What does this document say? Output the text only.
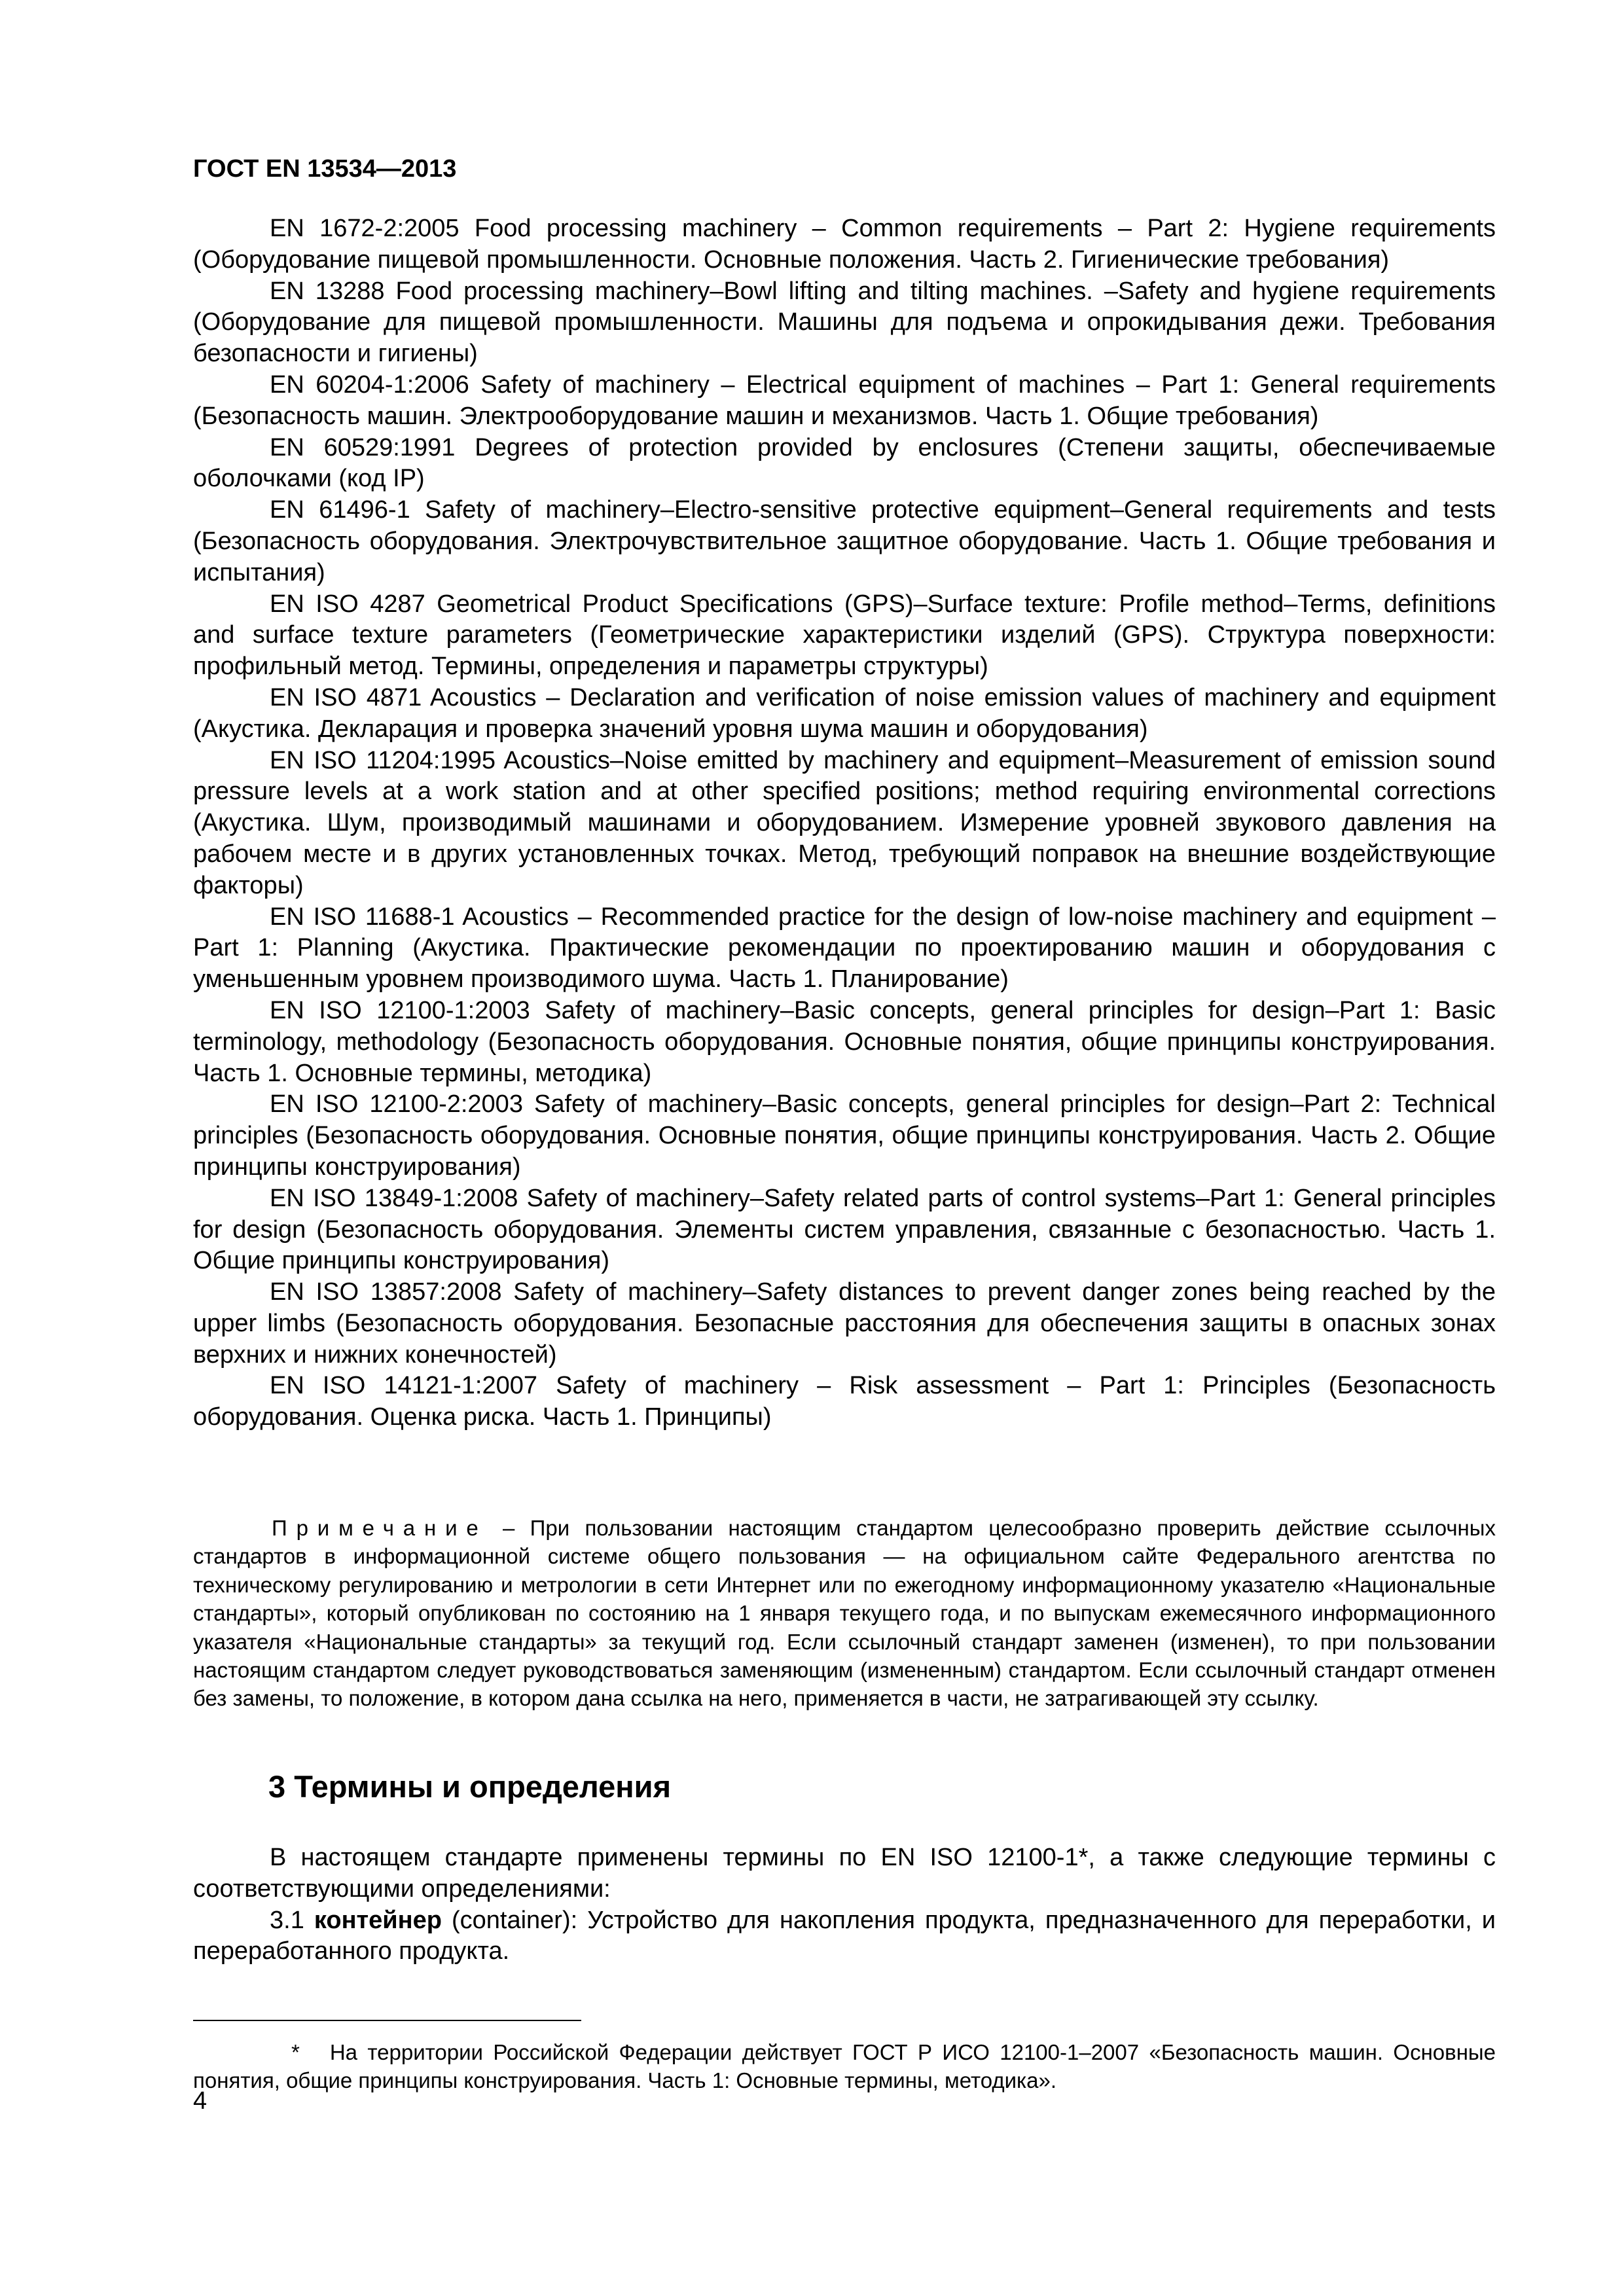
ГОСТ EN 13534—2013

EN 1672-2:2005 Food processing machinery – Common requirements – Part 2: Hygiene requirements (Оборудование пищевой промышленности. Основные положения. Часть 2. Гигиенические требования)

EN 13288 Food processing machinery–Bowl lifting and tilting machines. –Safety and hygiene requirements (Оборудование для пищевой промышленности. Машины для подъема и опрокидывания дежи. Требования безопасности и гигиены)

EN 60204-1:2006 Safety of machinery – Electrical equipment of machines – Part 1: General requirements (Безопасность машин. Электрооборудование машин и механизмов. Часть 1. Общие требования)

EN 60529:1991 Degrees of protection provided by enclosures (Степени защиты, обеспечиваемые оболочками (код IP)

EN 61496-1 Safety of machinery–Electro-sensitive protective equipment–General requirements and tests (Безопасность оборудования. Электрочувствительное защитное оборудование. Часть 1. Общие требования и испытания)

EN ISO 4287 Geometrical Product Specifications (GPS)–Surface texture: Profile method–Terms, definitions and surface texture parameters (Геометрические характеристики изделий (GPS). Структура поверхности: профильный метод. Термины, определения и параметры структуры)

EN ISO 4871 Acoustics – Declaration and verification of noise emission values of machinery and equipment (Акустика. Декларация и проверка значений уровня шума машин и оборудования)

EN ISO 11204:1995 Acoustics–Noise emitted by machinery and equipment–Measurement of emission sound pressure levels at a work station and at other specified positions; method requiring environmental corrections (Акустика. Шум, производимый машинами и оборудованием. Измерение уровней звукового давления на рабочем месте и в других установленных точках. Метод, требующий поправок на внешние воздействующие факторы)

EN ISO 11688-1 Acoustics – Recommended practice for the design of low-noise machinery and equipment – Part 1: Planning (Акустика. Практические рекомендации по проектированию машин и оборудования с уменьшенным уровнем производимого шума. Часть 1. Планирование)

EN ISO 12100-1:2003 Safety of machinery–Basic concepts, general principles for design–Part 1: Basic terminology, methodology (Безопасность оборудования. Основные понятия, общие принципы конструирования. Часть 1. Основные термины, методика)

EN ISO 12100-2:2003 Safety of machinery–Basic concepts, general principles for design–Part 2: Technical principles (Безопасность оборудования. Основные понятия, общие принципы конструирования. Часть 2. Общие принципы конструирования)

EN ISO 13849-1:2008 Safety of machinery–Safety related parts of control systems–Part 1: General principles for design (Безопасность оборудования. Элементы систем управления, связанные с безопасностью. Часть 1. Общие принципы конструирования)

EN ISO 13857:2008 Safety of machinery–Safety distances to prevent danger zones being reached by the upper limbs (Безопасность оборудования. Безопасные расстояния для обеспечения защиты в опасных зонах верхних и нижних конечностей)

EN ISO 14121-1:2007 Safety of machinery – Risk assessment – Part 1: Principles (Безопасность оборудования. Оценка риска. Часть 1. Принципы)

Примечание – При пользовании настоящим стандартом целесообразно проверить действие ссылочных стандартов в информационной системе общего пользования — на официальном сайте Федерального агентства по техническому регулированию и метрологии в сети Интернет или по ежегодному информационному указателю «Национальные стандарты», который опубликован по состоянию на 1 января текущего года, и по выпускам ежемесячного информационного указателя «Национальные стандарты» за текущий год. Если ссылочный стандарт заменен (изменен), то при пользовании настоящим стандартом следует руководствоваться заменяющим (измененным) стандартом. Если ссылочный стандарт отменен без замены, то положение, в котором дана ссылка на него, применяется в части, не затрагивающей эту ссылку.

3 Термины и определения

В настоящем стандарте применены термины по EN ISO 12100-1*, а также следующие термины с соответствующими определениями:

3.1 контейнер (container): Устройство для накопления продукта, предназначенного для переработки, и переработанного продукта.

* На территории Российской Федерации действует ГОСТ Р ИСО 12100-1–2007 «Безопасность машин. Основные понятия, общие принципы конструирования. Часть 1: Основные термины, методика».

4
